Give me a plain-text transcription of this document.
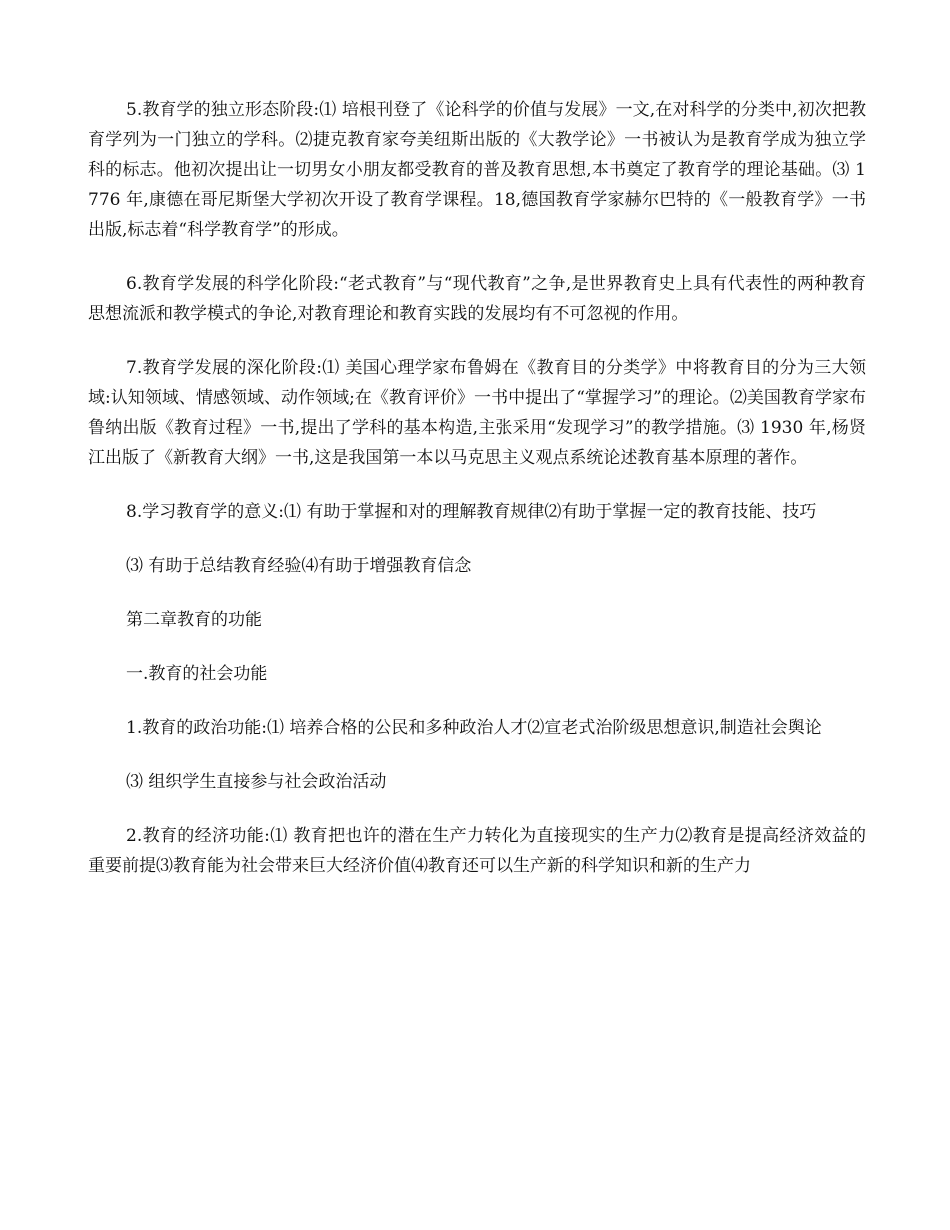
5.教育学的独立形态阶段:⑴ 培根刊登了《论科学的价值与发展》一文,在对科学的分类中,初次把教育学列为一门独立的学科。⑵捷克教育家夸美纽斯出版的《大教学论》一书被认为是教育学成为独立学科的标志。他初次提出让一切男女小朋友都受教育的普及教育思想,本书奠定了教育学的理论基础。⑶ 1776 年,康德在哥尼斯堡大学初次开设了教育学课程。18,德国教育学家赫尔巴特的《一般教育学》一书出版,标志着“科学教育学”的形成。

6.教育学发展的科学化阶段:“老式教育”与“现代教育”之争,是世界教育史上具有代表性的两种教育思想流派和教学模式的争论,对教育理论和教育实践的发展均有不可忽视的作用。

7.教育学发展的深化阶段:⑴ 美国心理学家布鲁姆在《教育目的分类学》中将教育目的分为三大领域:认知领域、情感领域、动作领域;在《教育评价》一书中提出了“掌握学习”的理论。⑵美国教育学家布鲁纳出版《教育过程》一书,提出了学科的基本构造,主张采用“发现学习”的教学措施。⑶ 1930 年,杨贤江出版了《新教育大纲》一书,这是我国第一本以马克思主义观点系统论述教育基本原理的著作。

8.学习教育学的意义:⑴ 有助于掌握和对的理解教育规律⑵有助于掌握一定的教育技能、技巧

⑶ 有助于总结教育经验⑷有助于增强教育信念

第二章教育的功能

一.教育的社会功能

1.教育的政治功能:⑴ 培养合格的公民和多种政治人才⑵宣老式治阶级思想意识,制造社会舆论

⑶ 组织学生直接参与社会政治活动

2.教育的经济功能:⑴ 教育把也许的潜在生产力转化为直接现实的生产力⑵教育是提高经济效益的重要前提⑶教育能为社会带来巨大经济价值⑷教育还可以生产新的科学知识和新的生产力
